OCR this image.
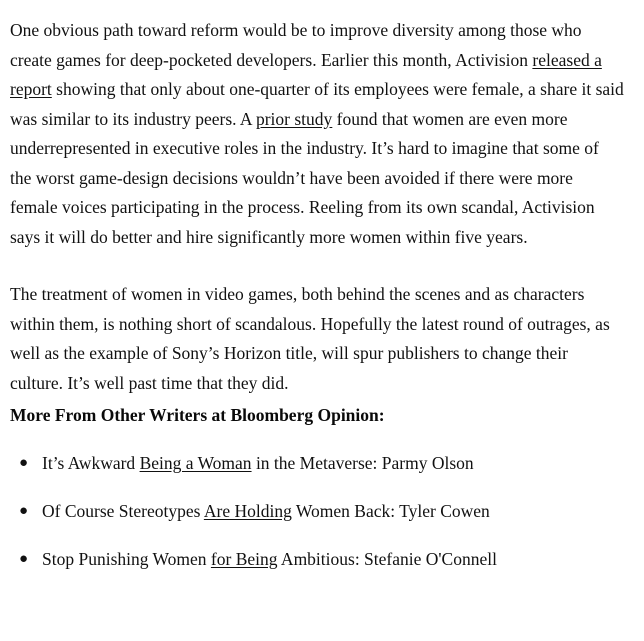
One obvious path toward reform would be to improve diversity among those who create games for deep-pocketed developers. Earlier this month, Activision released a report showing that only about one-quarter of its employees were female, a share it said was similar to its industry peers. A prior study found that women are even more underrepresented in executive roles in the industry. It’s hard to imagine that some of the worst game-design decisions wouldn’t have been avoided if there were more female voices participating in the process. Reeling from its own scandal, Activision says it will do better and hire significantly more women within five years.

The treatment of women in video games, both behind the scenes and as characters within them, is nothing short of scandalous. Hopefully the latest round of outrages, as well as the example of Sony’s Horizon title, will spur publishers to change their culture. It’s well past time that they did.

More From Other Writers at Bloomberg Opinion:
● It’s Awkward Being a Woman in the Metaverse: Parmy Olson
● Of Course Stereotypes Are Holding Women Back: Tyler Cowen
● Stop Punishing Women for Being Ambitious: Stefanie O'Connell
